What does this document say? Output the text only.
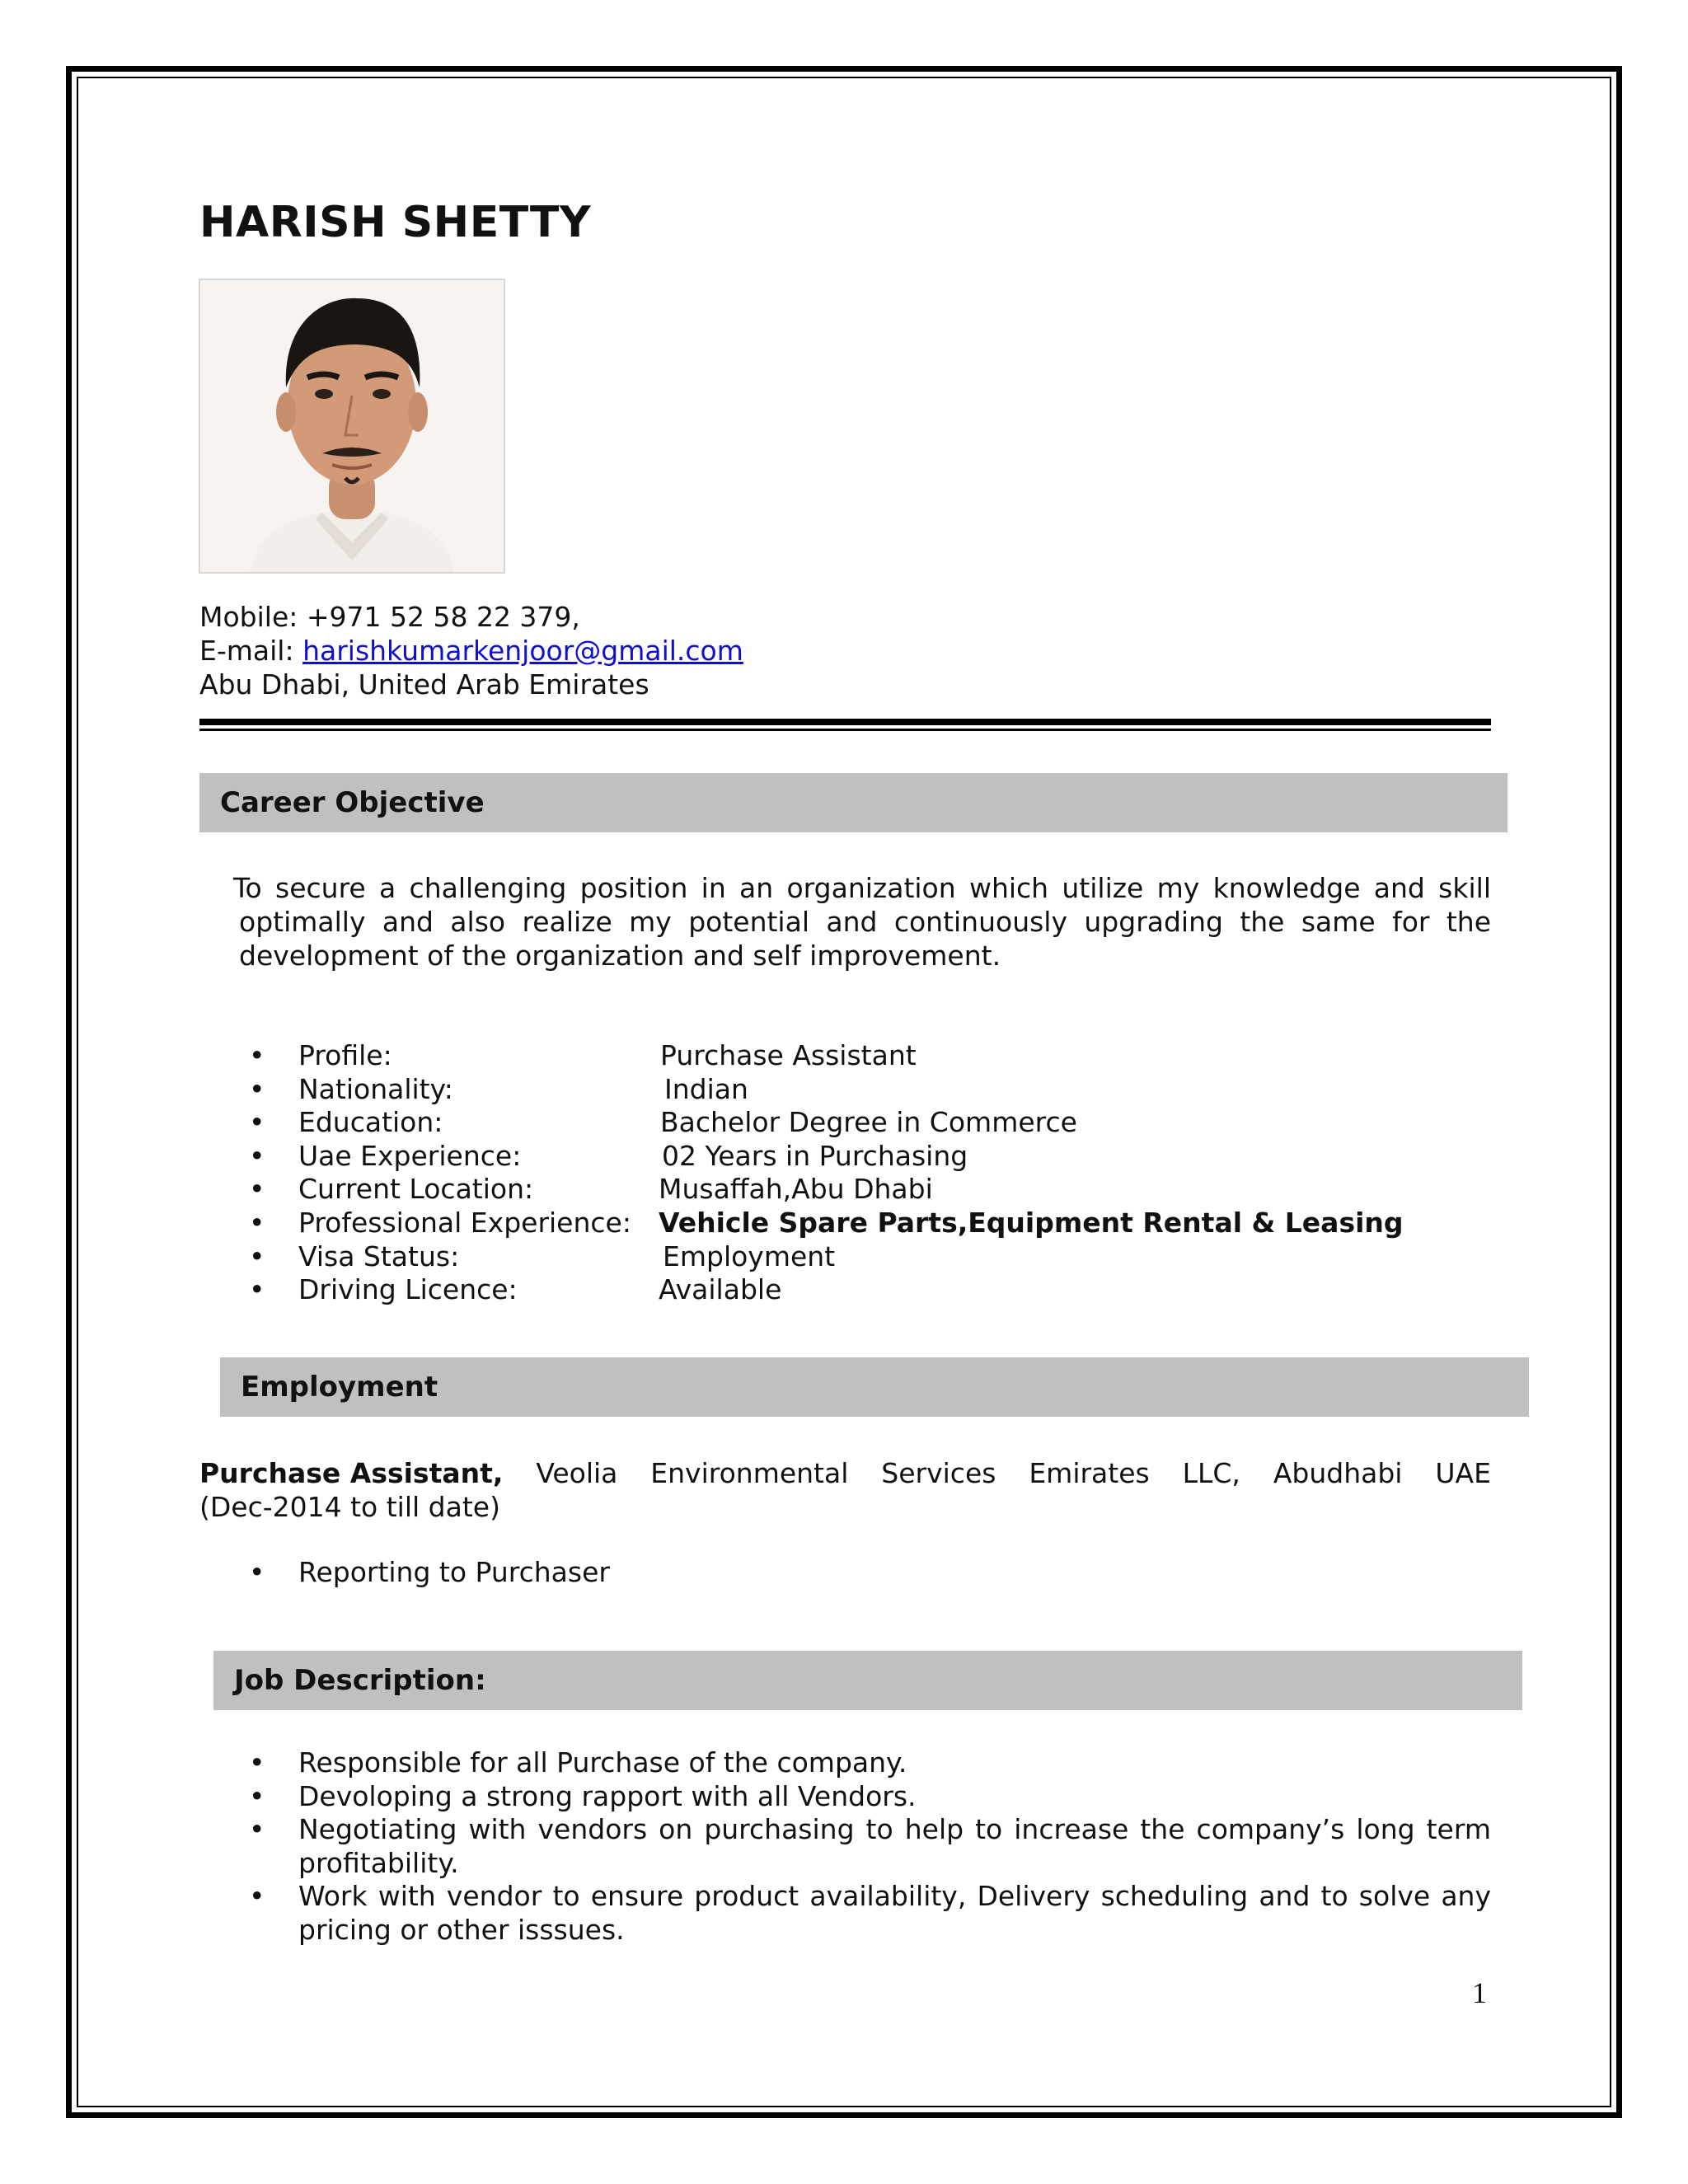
HARISH SHETTY
Mobile: +971 52 58 22 379,
E-mail: harishkumarkenjoor@gmail.com
Abu Dhabi, United Arab Emirates
Career Objective
To secure a challenging position in an organization which utilize my knowledge and skill
optimally and also realize my potential and continuously upgrading the same for the
development of the organization and self improvement.
• Profile:	Purchase Assistant
• Nationality:	Indian
• Education:	Bachelor Degree in Commerce
• Uae Experience:	02 Years in Purchasing
• Current Location:	Musaffah,Abu Dhabi
• Professional Experience: Vehicle Spare Parts,Equipment Rental & Leasing
• Visa Status:	Employment
• Driving Licence:	Available
Employment
Purchase Assistant, Veolia Environmental Services Emirates LLC, Abudhabi UAE
(Dec-2014 to till date)
• Reporting to Purchaser
Job Description:
• Responsible for all Purchase of the company.
• Devoloping a strong rapport with all Vendors.
• Negotiating with vendors on purchasing to help to increase the company’s long term profitability.
• Work with vendor to ensure product availability, Delivery scheduling and to solve any pricing or other isssues.
1
